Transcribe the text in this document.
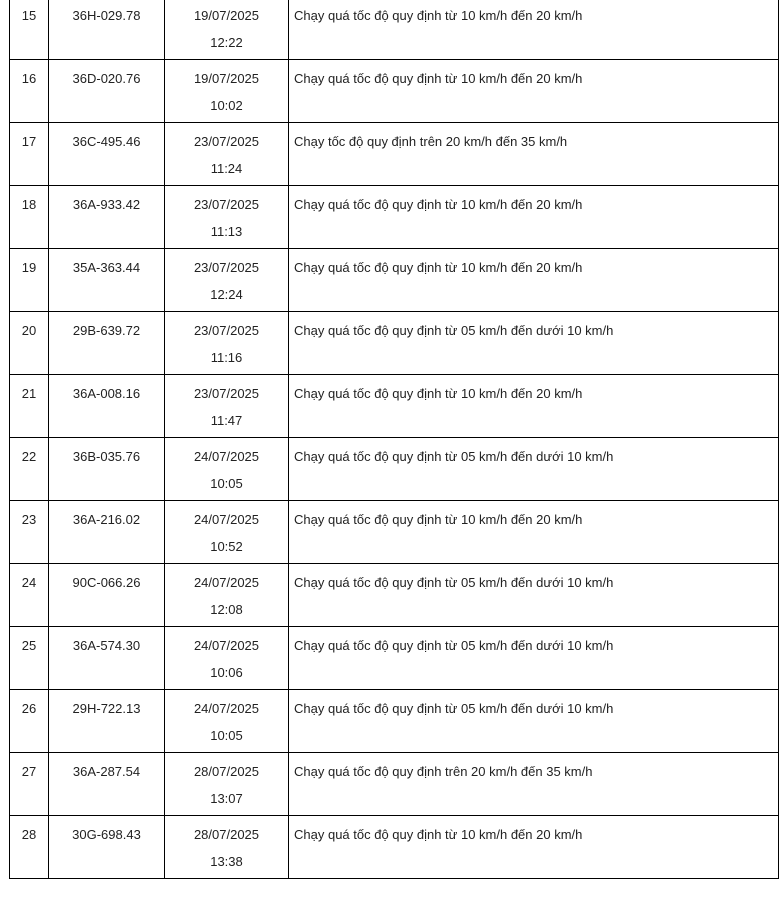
15	36H-029.78	19/07/2025
12:22	Chạy quá tốc độ quy định từ 10 km/h đến 20 km/h

16	36D-020.76	19/07/2025
10:02	Chạy quá tốc độ quy định từ 10 km/h đến 20 km/h

17	36C-495.46	23/07/2025
11:24	Chạy tốc độ quy định trên 20 km/h đến 35 km/h

18	36A-933.42	23/07/2025
11:13	Chạy quá tốc độ quy định từ 10 km/h đến 20 km/h

19	35A-363.44	23/07/2025
12:24	Chạy quá tốc độ quy định từ 10 km/h đến 20 km/h

20	29B-639.72	23/07/2025
11:16	Chạy quá tốc độ quy định từ 05 km/h đến dưới 10 km/h

21	36A-008.16	23/07/2025
11:47	Chạy quá tốc độ quy định từ 10 km/h đến 20 km/h

22	36B-035.76	24/07/2025
10:05	Chạy quá tốc độ quy định từ 05 km/h đến dưới 10 km/h

23	36A-216.02	24/07/2025
10:52	Chạy quá tốc độ quy định từ 10 km/h đến 20 km/h

24	90C-066.26	24/07/2025
12:08	Chạy quá tốc độ quy định từ 05 km/h đến dưới 10 km/h

25	36A-574.30	24/07/2025
10:06	Chạy quá tốc độ quy định từ 05 km/h đến dưới 10 km/h

26	29H-722.13	24/07/2025
10:05	Chạy quá tốc độ quy định từ 05 km/h đến dưới 10 km/h

27	36A-287.54	28/07/2025
13:07	Chạy quá tốc độ quy định trên 20 km/h đến 35 km/h

28	30G-698.43	28/07/2025
13:38	Chạy quá tốc độ quy định từ 10 km/h đến 20 km/h
